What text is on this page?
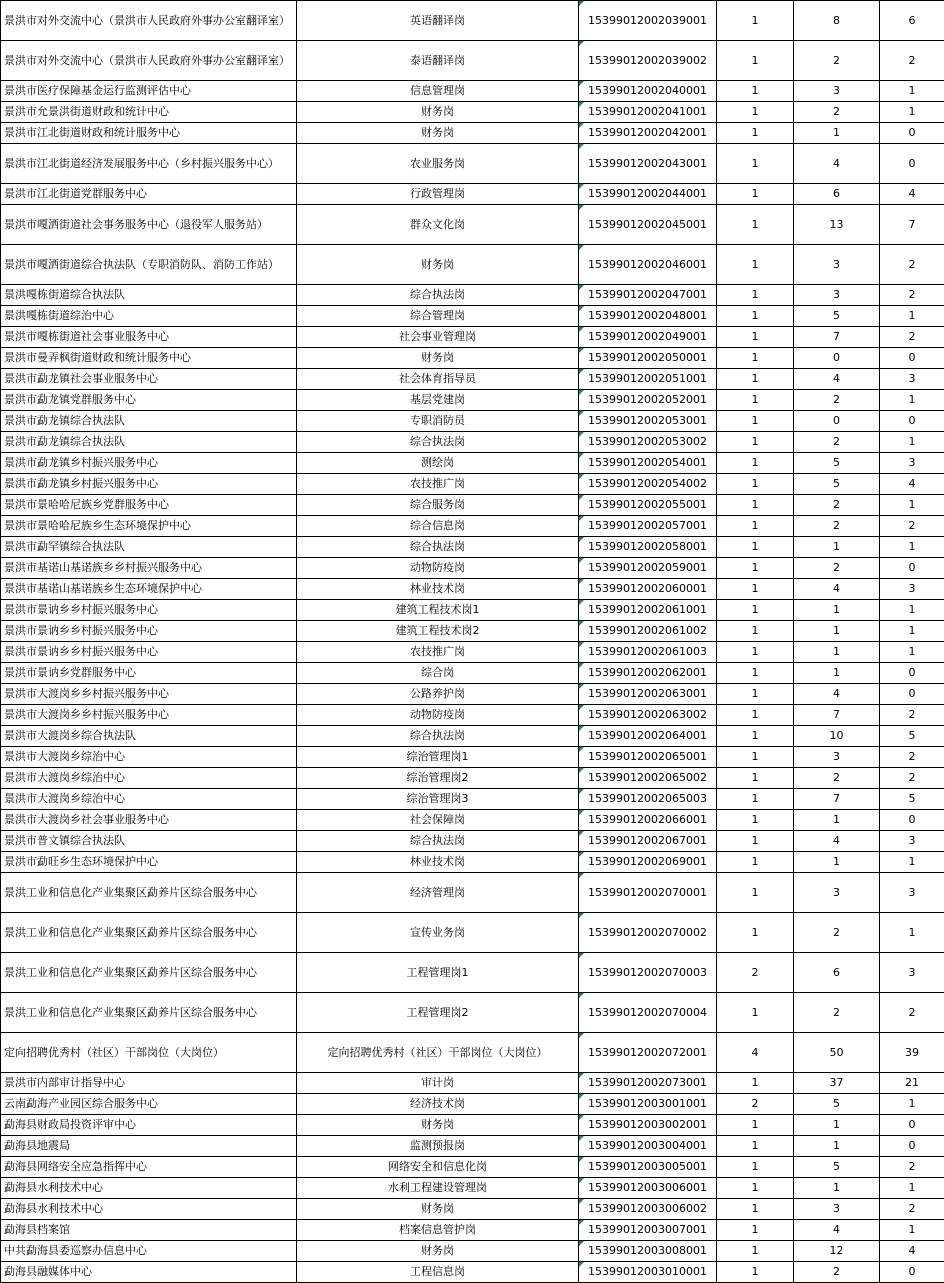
景洪市对外交流中心（景洪市人民政府外事办公室翻译室）	英语翻译岗	15399012002039001	1	8	6
景洪市对外交流中心（景洪市人民政府外事办公室翻译室）	泰语翻译岗	15399012002039002	1	2	2
景洪市医疗保障基金运行监测评估中心	信息管理岗	15399012002040001	1	3	1
景洪市允景洪街道财政和统计中心	财务岗	15399012002041001	1	2	1
景洪市江北街道财政和统计服务中心	财务岗	15399012002042001	1	1	0
景洪市江北街道经济发展服务中心（乡村振兴服务中心）	农业服务岗	15399012002043001	1	4	0
景洪市江北街道党群服务中心	行政管理岗	15399012002044001	1	6	4
景洪市嘎洒街道社会事务服务中心（退役军人服务站）	群众文化岗	15399012002045001	1	13	7
景洪市嘎洒街道综合执法队（专职消防队、消防工作站）	财务岗	15399012002046001	1	3	2
景洪嘎栋街道综合执法队	综合执法岗	15399012002047001	1	3	2
景洪嘎栋街道综治中心	综合管理岗	15399012002048001	1	5	1
景洪市嘎栋街道社会事业服务中心	社会事业管理岗	15399012002049001	1	7	2
景洪市曼弄枫街道财政和统计服务中心	财务岗	15399012002050001	1	0	0
景洪市勐龙镇社会事业服务中心	社会体育指导员	15399012002051001	1	4	3
景洪市勐龙镇党群服务中心	基层党建岗	15399012002052001	1	2	1
景洪市勐龙镇综合执法队	专职消防员	15399012002053001	1	0	0
景洪市勐龙镇综合执法队	综合执法岗	15399012002053002	1	2	1
景洪市勐龙镇乡村振兴服务中心	测绘岗	15399012002054001	1	5	3
景洪市勐龙镇乡村振兴服务中心	农技推广岗	15399012002054002	1	5	4
景洪市景哈哈尼族乡党群服务中心	综合服务岗	15399012002055001	1	2	1
景洪市景哈哈尼族乡生态环境保护中心	综合信息岗	15399012002057001	1	2	2
景洪市勐罕镇综合执法队	综合执法岗	15399012002058001	1	1	1
景洪市基诺山基诺族乡乡村振兴服务中心	动物防疫岗	15399012002059001	1	2	0
景洪市基诺山基诺族乡生态环境保护中心	林业技术岗	15399012002060001	1	4	3
景洪市景讷乡乡村振兴服务中心	建筑工程技术岗1	15399012002061001	1	1	1
景洪市景讷乡乡村振兴服务中心	建筑工程技术岗2	15399012002061002	1	1	1
景洪市景讷乡乡村振兴服务中心	农技推广岗	15399012002061003	1	1	1
景洪市景讷乡党群服务中心	综合岗	15399012002062001	1	1	0
景洪市大渡岗乡乡村振兴服务中心	公路养护岗	15399012002063001	1	4	0
景洪市大渡岗乡乡村振兴服务中心	动物防疫岗	15399012002063002	1	7	2
景洪市大渡岗乡综合执法队	综合执法岗	15399012002064001	1	10	5
景洪市大渡岗乡综治中心	综治管理岗1	15399012002065001	1	3	2
景洪市大渡岗乡综治中心	综治管理岗2	15399012002065002	1	2	2
景洪市大渡岗乡综治中心	综治管理岗3	15399012002065003	1	7	5
景洪市大渡岗乡社会事业服务中心	社会保障岗	15399012002066001	1	1	0
景洪市普文镇综合执法队	综合执法岗	15399012002067001	1	4	3
景洪市勐旺乡生态环境保护中心	林业技术岗	15399012002069001	1	1	1
景洪工业和信息化产业集聚区勐养片区综合服务中心	经济管理岗	15399012002070001	1	3	3
景洪工业和信息化产业集聚区勐养片区综合服务中心	宣传业务岗	15399012002070002	1	2	1
景洪工业和信息化产业集聚区勐养片区综合服务中心	工程管理岗1	15399012002070003	2	6	3
景洪工业和信息化产业集聚区勐养片区综合服务中心	工程管理岗2	15399012002070004	1	2	2
定向招聘优秀村（社区）干部岗位（大岗位）	定向招聘优秀村（社区）干部岗位（大岗位）	15399012002072001	4	50	39
景洪市内部审计指导中心	审计岗	15399012002073001	1	37	21
云南勐海产业园区综合服务中心	经济技术岗	15399012003001001	2	5	1
勐海县财政局投资评审中心	财务岗	15399012003002001	1	1	0
勐海县地震局	监测预报岗	15399012003004001	1	1	0
勐海县网络安全应急指挥中心	网络安全和信息化岗	15399012003005001	1	5	2
勐海县水利技术中心	水利工程建设管理岗	15399012003006001	1	1	1
勐海县水利技术中心	财务岗	15399012003006002	1	3	2
勐海县档案馆	档案信息管护岗	15399012003007001	1	4	1
中共勐海县委巡察办信息中心	财务岗	15399012003008001	1	12	4
勐海县融媒体中心	工程信息岗	15399012003010001	1	2	0
